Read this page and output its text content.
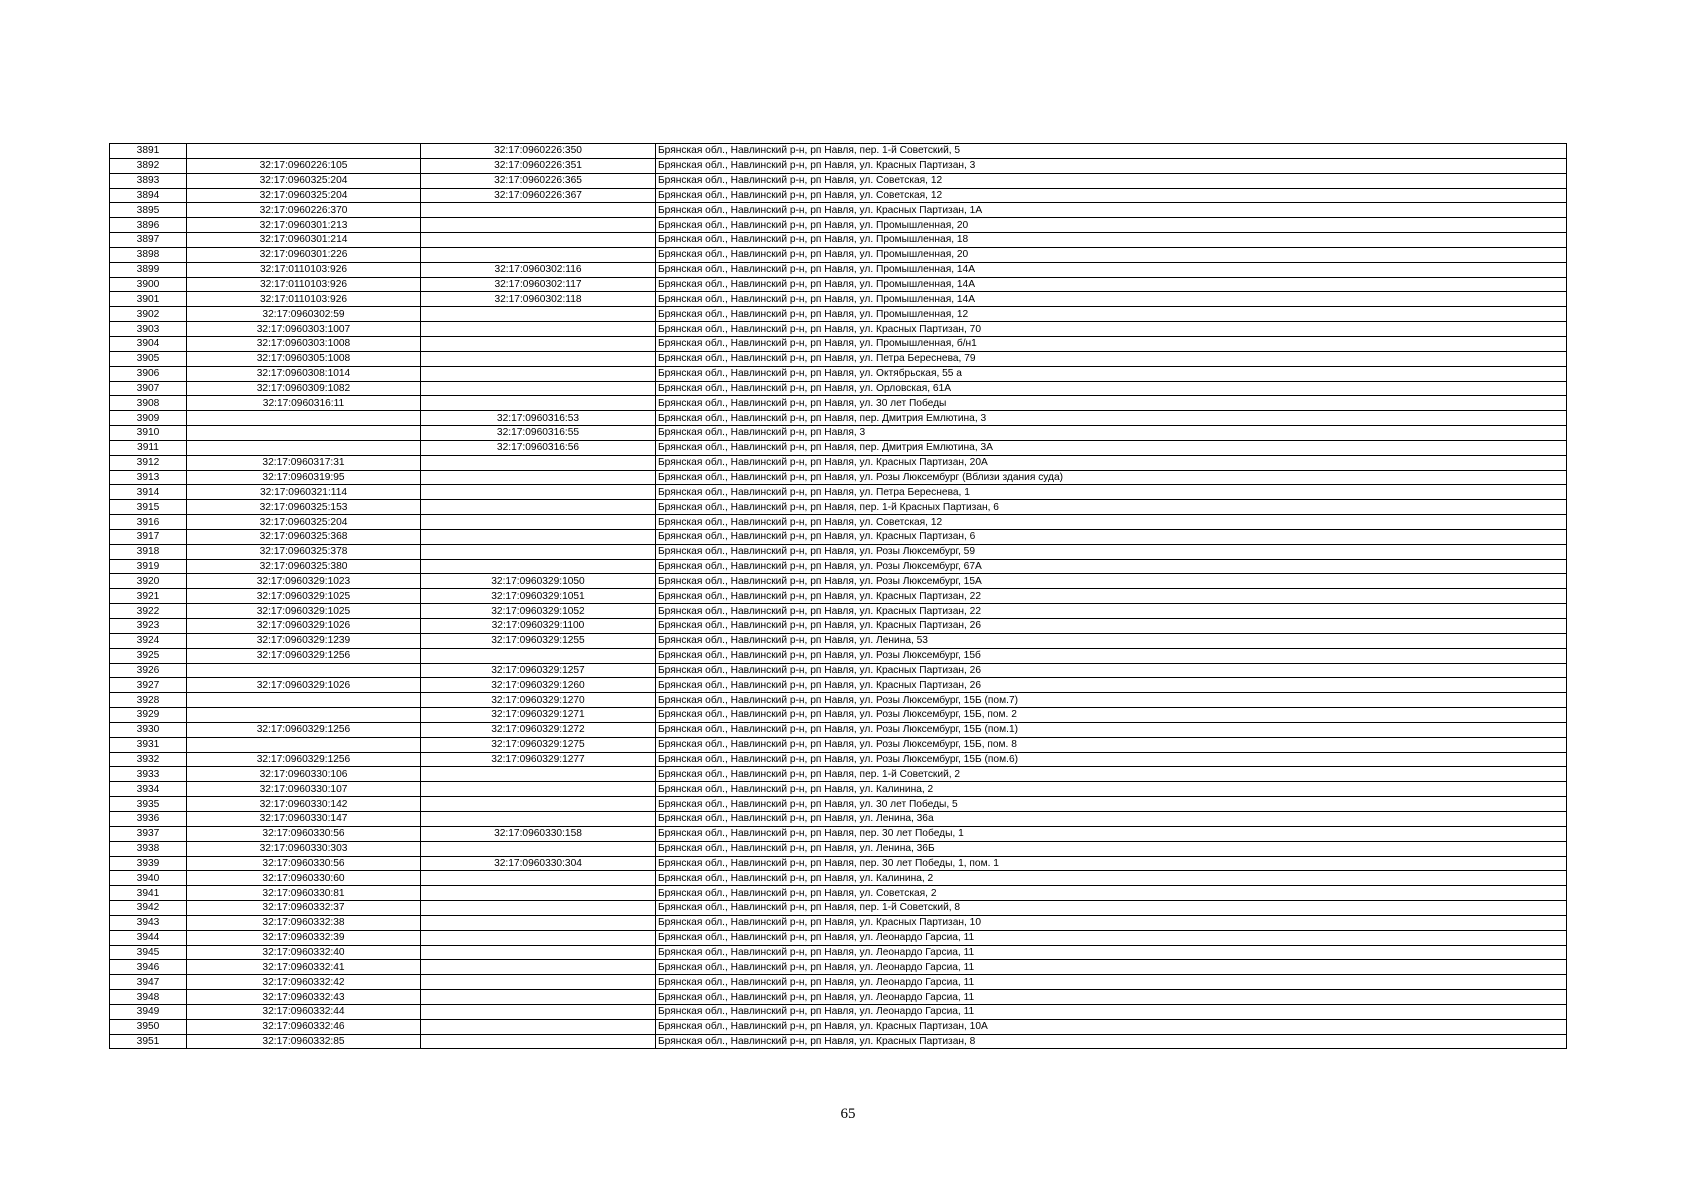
3891		32:17:0960226:350	Брянская обл., Навлинский р-н, рп Навля, пер. 1-й Советский, 5
3892	32:17:0960226:105	32:17:0960226:351	Брянская обл., Навлинский р-н, рп Навля, ул. Красных Партизан, 3
3893	32:17:0960325:204	32:17:0960226:365	Брянская обл., Навлинский р-н, рп Навля, ул. Советская, 12
3894	32:17:0960325:204	32:17:0960226:367	Брянская обл., Навлинский р-н, рп Навля, ул. Советская, 12
3895	32:17:0960226:370		Брянская обл., Навлинский р-н, рп Навля, ул. Красных Партизан, 1А
3896	32:17:0960301:213		Брянская обл., Навлинский р-н, рп Навля, ул. Промышленная, 20
3897	32:17:0960301:214		Брянская обл., Навлинский р-н, рп Навля, ул. Промышленная, 18
3898	32:17:0960301:226		Брянская обл., Навлинский р-н, рп Навля, ул. Промышленная, 20
3899	32:17:0110103:926	32:17:0960302:116	Брянская обл., Навлинский р-н, рп Навля, ул. Промышленная, 14А
3900	32:17:0110103:926	32:17:0960302:117	Брянская обл., Навлинский р-н, рп Навля, ул. Промышленная, 14А
3901	32:17:0110103:926	32:17:0960302:118	Брянская обл., Навлинский р-н, рп Навля, ул. Промышленная, 14А
3902	32:17:0960302:59		Брянская обл., Навлинский р-н, рп Навля, ул. Промышленная, 12
3903	32:17:0960303:1007		Брянская обл., Навлинский р-н, рп Навля, ул. Красных Партизан, 70
3904	32:17:0960303:1008		Брянская обл., Навлинский р-н, рп Навля, ул. Промышленная, б/н1
3905	32:17:0960305:1008		Брянская обл., Навлинский р-н, рп Навля, ул. Петра Береснева, 79
3906	32:17:0960308:1014		Брянская обл., Навлинский р-н, рп Навля, ул. Октябрьская, 55 а
3907	32:17:0960309:1082		Брянская обл., Навлинский р-н, рп Навля, ул. Орловская, 61А
3908	32:17:0960316:11		Брянская обл., Навлинский р-н, рп Навля, ул. 30 лет Победы
3909		32:17:0960316:53	Брянская обл., Навлинский р-н, рп Навля, пер. Дмитрия Емлютина, 3
3910		32:17:0960316:55	Брянская обл., Навлинский р-н, рп Навля, 3
3911		32:17:0960316:56	Брянская обл., Навлинский р-н, рп Навля, пер. Дмитрия Емлютина, 3А
3912	32:17:0960317:31		Брянская обл., Навлинский р-н, рп Навля, ул. Красных Партизан, 20А
3913	32:17:0960319:95		Брянская обл., Навлинский р-н, рп Навля, ул. Розы Люксембург (Вблизи здания суда)
3914	32:17:0960321:114		Брянская обл., Навлинский р-н, рп Навля, ул. Петра Береснева, 1
3915	32:17:0960325:153		Брянская обл., Навлинский р-н, рп Навля, пер. 1-й Красных Партизан, 6
3916	32:17:0960325:204		Брянская обл., Навлинский р-н, рп Навля, ул. Советская, 12
3917	32:17:0960325:368		Брянская обл., Навлинский р-н, рп Навля, ул. Красных Партизан, 6
3918	32:17:0960325:378		Брянская обл., Навлинский р-н, рп Навля, ул. Розы Люксембург, 59
3919	32:17:0960325:380		Брянская обл., Навлинский р-н, рп Навля, ул. Розы Люксембург, 67А
3920	32:17:0960329:1023	32:17:0960329:1050	Брянская обл., Навлинский р-н, рп Навля, ул. Розы Люксембург, 15А
3921	32:17:0960329:1025	32:17:0960329:1051	Брянская обл., Навлинский р-н, рп Навля, ул. Красных Партизан, 22
3922	32:17:0960329:1025	32:17:0960329:1052	Брянская обл., Навлинский р-н, рп Навля, ул. Красных Партизан, 22
3923	32:17:0960329:1026	32:17:0960329:1100	Брянская обл., Навлинский р-н, рп Навля, ул. Красных Партизан, 26
3924	32:17:0960329:1239	32:17:0960329:1255	Брянская обл., Навлинский р-н, рп Навля, ул. Ленина, 53
3925	32:17:0960329:1256		Брянская обл., Навлинский р-н, рп Навля, ул. Розы Люксембург, 15б
3926		32:17:0960329:1257	Брянская обл., Навлинский р-н, рп Навля, ул. Красных Партизан, 26
3927	32:17:0960329:1026	32:17:0960329:1260	Брянская обл., Навлинский р-н, рп Навля, ул. Красных Партизан, 26
3928		32:17:0960329:1270	Брянская обл., Навлинский р-н, рп Навля, ул. Розы Люксембург, 15Б (пом.7)
3929		32:17:0960329:1271	Брянская обл., Навлинский р-н, рп Навля, ул. Розы Люксембург, 15Б, пом. 2
3930	32:17:0960329:1256	32:17:0960329:1272	Брянская обл., Навлинский р-н, рп Навля, ул. Розы Люксембург, 15Б (пом.1)
3931		32:17:0960329:1275	Брянская обл., Навлинский р-н, рп Навля, ул. Розы Люксембург, 15Б, пом. 8
3932	32:17:0960329:1256	32:17:0960329:1277	Брянская обл., Навлинский р-н, рп Навля, ул. Розы Люксембург, 15Б (пом.6)
3933	32:17:0960330:106		Брянская обл., Навлинский р-н, рп Навля, пер. 1-й Советский, 2
3934	32:17:0960330:107		Брянская обл., Навлинский р-н, рп Навля, ул. Калинина, 2
3935	32:17:0960330:142		Брянская обл., Навлинский р-н, рп Навля, ул. 30 лет Победы, 5
3936	32:17:0960330:147		Брянская обл., Навлинский р-н, рп Навля, ул. Ленина, 36а
3937	32:17:0960330:56	32:17:0960330:158	Брянская обл., Навлинский р-н, рп Навля, пер. 30 лет Победы, 1
3938	32:17:0960330:303		Брянская обл., Навлинский р-н, рп Навля, ул. Ленина, 36Б
3939	32:17:0960330:56	32:17:0960330:304	Брянская обл., Навлинский р-н, рп Навля, пер. 30 лет Победы, 1, пом. 1
3940	32:17:0960330:60		Брянская обл., Навлинский р-н, рп Навля, ул. Калинина, 2
3941	32:17:0960330:81		Брянская обл., Навлинский р-н, рп Навля, ул. Советская, 2
3942	32:17:0960332:37		Брянская обл., Навлинский р-н, рп Навля, пер. 1-й Советский, 8
3943	32:17:0960332:38		Брянская обл., Навлинский р-н, рп Навля, ул. Красных Партизан, 10
3944	32:17:0960332:39		Брянская обл., Навлинский р-н, рп Навля, ул. Леонардо Гарсиа, 11
3945	32:17:0960332:40		Брянская обл., Навлинский р-н, рп Навля, ул. Леонардо Гарсиа, 11
3946	32:17:0960332:41		Брянская обл., Навлинский р-н, рп Навля, ул. Леонардо Гарсиа, 11
3947	32:17:0960332:42		Брянская обл., Навлинский р-н, рп Навля, ул. Леонардо Гарсиа, 11
3948	32:17:0960332:43		Брянская обл., Навлинский р-н, рп Навля, ул. Леонардо Гарсиа, 11
3949	32:17:0960332:44		Брянская обл., Навлинский р-н, рп Навля, ул. Леонардо Гарсиа, 11
3950	32:17:0960332:46		Брянская обл., Навлинский р-н, рп Навля, ул. Красных Партизан, 10А
3951	32:17:0960332:85		Брянская обл., Навлинский р-н, рп Навля, ул. Красных Партизан, 8
65
